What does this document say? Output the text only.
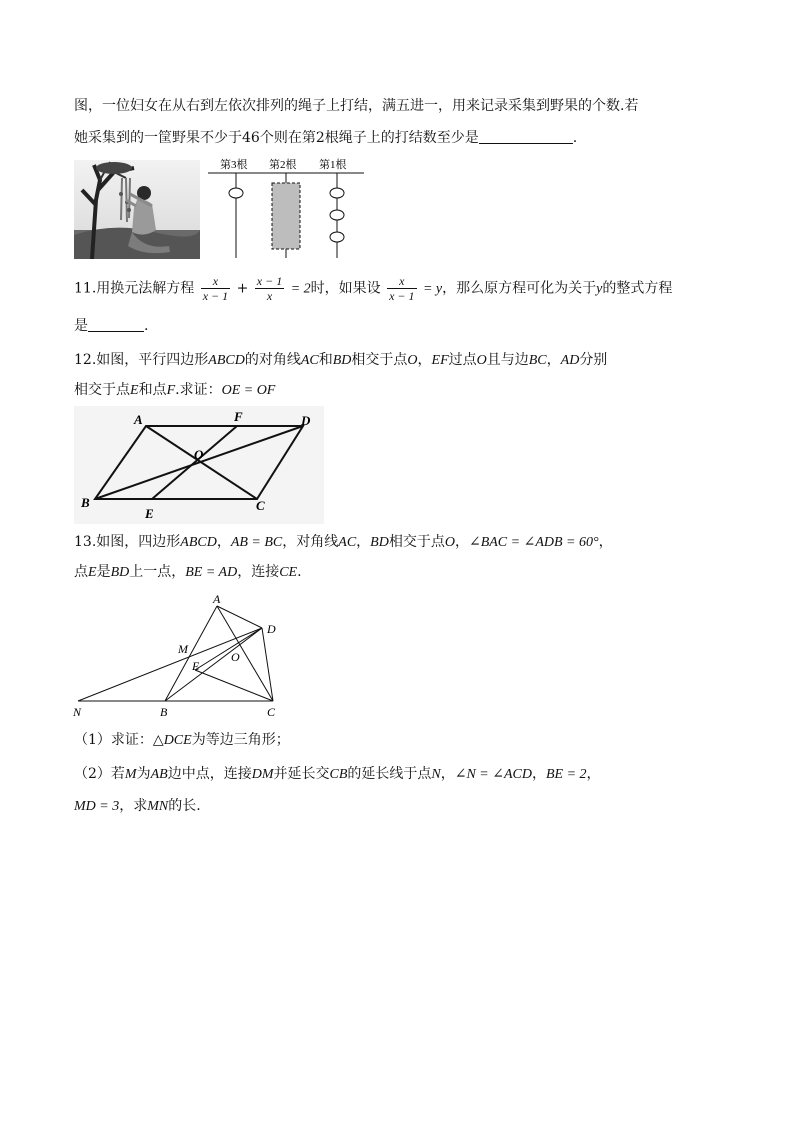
图，一位妇女在从右到左依次排列的绳子上打结，满五进一，用来记录采集到野果的个数.若
她采集到的一筐野果不少于46个则在第2根绳子上的打结数至少是	.
第3根 第2根 第1根
11.用换元法解方程 $\frac{x}{x - 1} + \frac{x - 1}{x} = 2$时，如果设 $\frac{x}{x - 1} = y$，那么原方程可化为关于y的整式方程
是	.
12.如图，平行四边形ABCD的对角线AC和BD相交于点O，EF过点O且与边BC，AD分别
相交于点E和点F.求证：OE = OF
A	F	D
O
B
E
C
13.如图，四边形ABCD，AB = BC，对角线AC，BD相交于点O，∠BAC = ∠ADB = 60°，
点E是BD上一点，BE = AD，连接CE.
A
D
M
E
O
N	B	C
（1）求证：△DCE为等边三角形；
（2）若M为AB边中点，连接DM并延长交CB的延长线于点N，∠N = ∠ACD，BE = 2，
MD = 3，求MN的长.
